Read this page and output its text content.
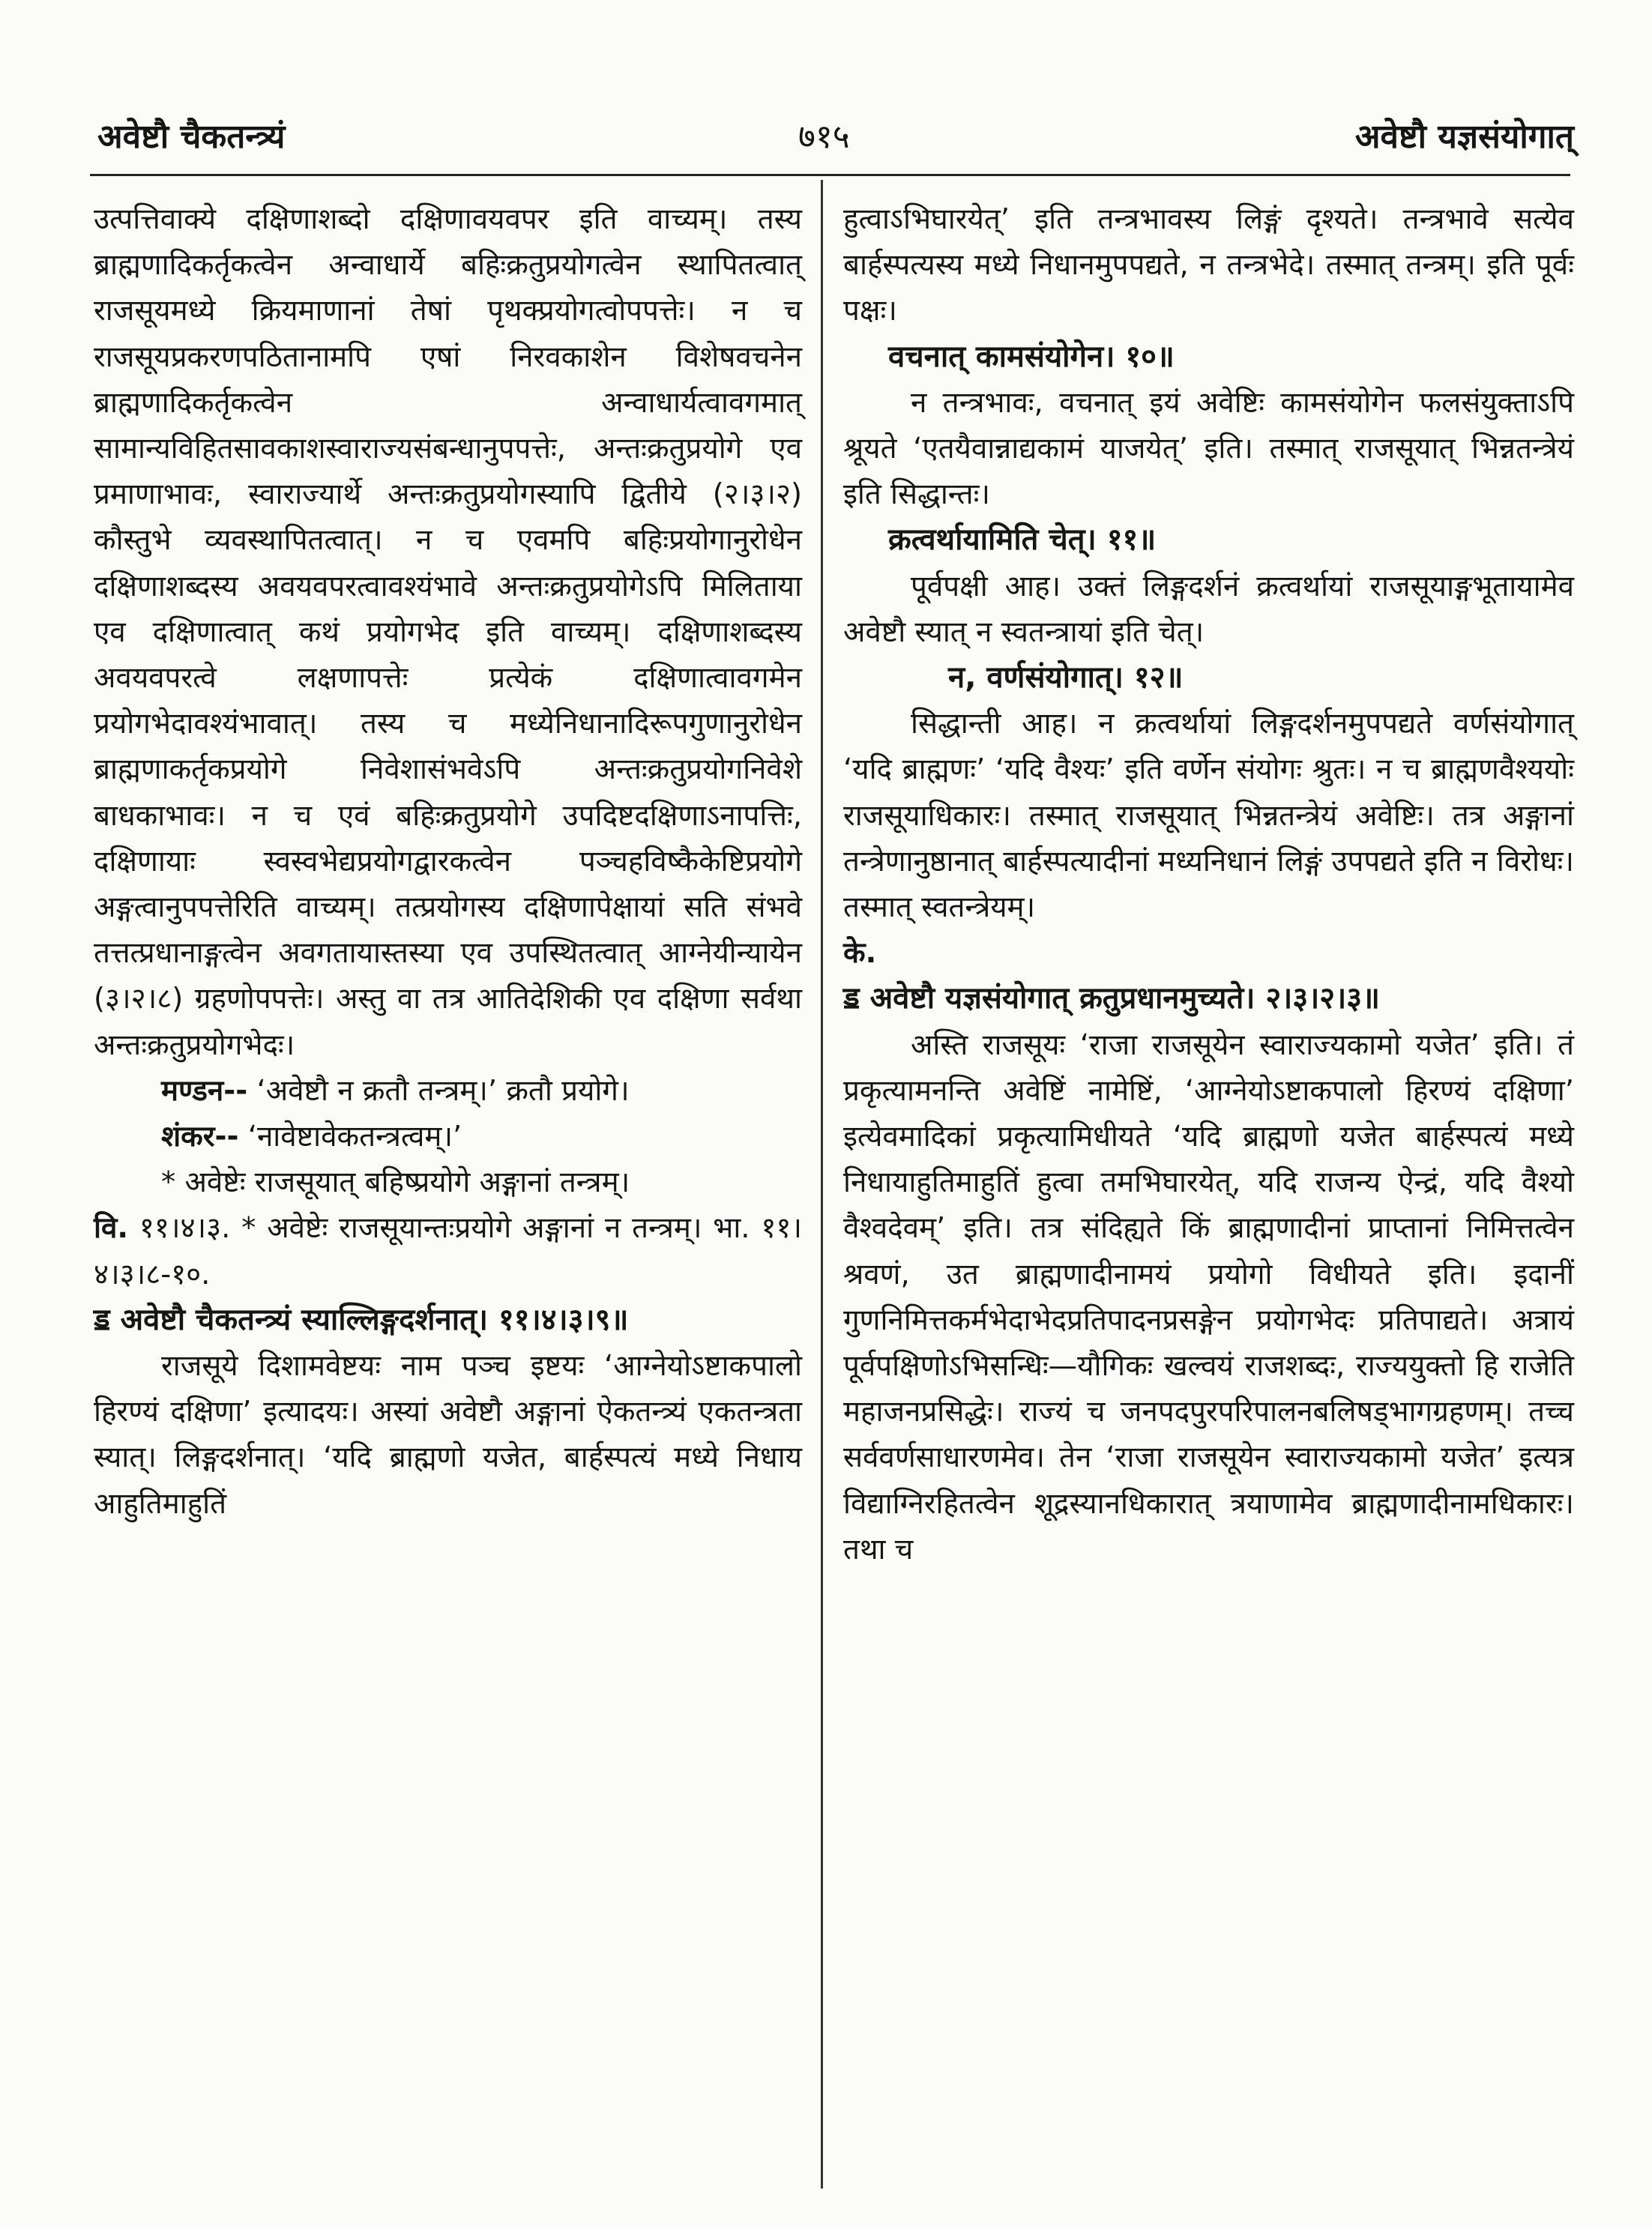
अवेष्टौ चैकतन्त्र्यं	७१५	अवेष्टौ यज्ञसंयोगात्

उत्पत्तिवाक्ये दक्षिणाशब्दो दक्षिणावयवपर इति वाच्यम्। तस्य ब्राह्मणादिकर्तृकत्वेन अन्वाधार्ये बहिःक्रतुप्रयोगत्वेन स्थापितत्वात् राजसूयमध्ये क्रियमाणानां तेषां पृथक्प्रयोगत्वोपपत्तेः। न च राजसूयप्रकरणपठितानामपि एषां निरवकाशेन विशेषवचनेन ब्राह्मणादिकर्तृकत्वेन अन्वाधार्यत्वावगमात् सामान्यविहितसावकाशस्वाराज्यसंबन्धानुपपत्तेः, अन्तःक्रतुप्रयोगे एव प्रमाणाभावः, स्वाराज्यार्थे अन्तःक्रतुप्रयोगस्यापि द्वितीये (२।३।२) कौस्तुभे व्यवस्थापितत्वात्। न च एवमपि बहिःप्रयोगानुरोधेन दक्षिणाशब्दस्य अवयवपरत्वावश्यंभावे अन्तःक्रतुप्रयोगेऽपि मिलिताया एव दक्षिणात्वात् कथं प्रयोगभेद इति वाच्यम्। दक्षिणाशब्दस्य अवयवपरत्वे लक्षणापत्तेः प्रत्येकं दक्षिणात्वावगमेन प्रयोगभेदावश्यंभावात्। तस्य च मध्येनिधानादिरूपगुणानुरोधेन ब्राह्मणाकर्तृकप्रयोगे निवेशासंभवेऽपि अन्तःक्रतुप्रयोगनिवेशे बाधकाभावः। न च एवं बहिःक्रतुप्रयोगे उपदिष्टदक्षिणाऽनापत्तिः, दक्षिणायाः स्वस्वभेद्यप्रयोगद्वारकत्वेन पञ्चहविष्कैकेष्टिप्रयोगे अङ्गत्वानुपपत्तेरिति वाच्यम्। तत्प्रयोगस्य दक्षिणापेक्षायां सति संभवे तत्तत्प्रधानाङ्गत्वेन अवगतायास्तस्या एव उपस्थितत्वात् आग्नेयीन्यायेन (३।२।८) ग्रहणोपपत्तेः। अस्तु वा तत्र आतिदेशिकी एव दक्षिणा सर्वथा अन्तःक्रतुप्रयोगभेदः।

मण्डन-- ‘अवेष्टौ न क्रतौ तन्त्रम्।’ क्रतौ प्रयोगे।

शंकर-- ‘नावेष्टावेकतन्त्रत्वम्।’

* अवेष्टेः राजसूयात् बहिष्प्रयोगे अङ्गानां तन्त्रम्।

वि. ११।४।३. * अवेष्टेः राजसूयान्तःप्रयोगे अङ्गानां न तन्त्रम्। भा. ११।४।३।८-१०.

ॾ अवेष्टौ चैकतन्त्र्यं स्याल्लिङ्गदर्शनात्। ११।४।३।९॥

राजसूये दिशामवेष्टयः नाम पञ्च इष्टयः ‘आग्नेयोऽष्टाकपालो हिरण्यं दक्षिणा’ इत्यादयः। अस्यां अवेष्टौ अङ्गानां ऐकतन्त्र्यं एकतन्त्रता स्यात्। लिङ्गदर्शनात्। ‘यदि ब्राह्मणो यजेत, बार्हस्पत्यं मध्ये निधाय आहुतिमाहुतिं

हुत्वाऽभिघारयेत्’ इति तन्त्रभावस्य लिङ्गं दृश्यते। तन्त्रभावे सत्येव बार्हस्पत्यस्य मध्ये निधानमुपपद्यते, न तन्त्रभेदे। तस्मात् तन्त्रम्। इति पूर्वः पक्षः।

वचनात् कामसंयोगेन। १०॥

न तन्त्रभावः, वचनात् इयं अवेष्टिः कामसंयोगेन फलसंयुक्ताऽपि श्रूयते ‘एतयैवान्नाद्यकामं याजयेत्’ इति। तस्मात् राजसूयात् भिन्नतन्त्रेयं इति सिद्धान्तः।

क्रत्वर्थायामिति चेत्। ११॥

पूर्वपक्षी आह। उक्तं लिङ्गदर्शनं क्रत्वर्थायां राजसूयाङ्गभूतायामेव अवेष्टौ स्यात् न स्वतन्त्रायां इति चेत्।

न, वर्णसंयोगात्। १२॥

सिद्धान्ती आह। न क्रत्वर्थायां लिङ्गदर्शनमुपपद्यते वर्णसंयोगात् ‘यदि ब्राह्मणः’ ‘यदि वैश्यः’ इति वर्णेन संयोगः श्रुतः। न च ब्राह्मणवैश्ययोः राजसूयाधिकारः। तस्मात् राजसूयात् भिन्नतन्त्रेयं अवेष्टिः। तत्र अङ्गानां तन्त्रेणानुष्ठानात् बार्हस्पत्यादीनां मध्यनिधानं लिङ्गं उपपद्यते इति न विरोधः। तस्मात् स्वतन्त्रेयम्।

के.

ॾ अवेष्टौ यज्ञसंयोगात् क्रतुप्रधानमुच्यते। २।३।२।३॥

अस्ति राजसूयः ‘राजा राजसूयेन स्वाराज्यकामो यजेत’ इति। तं प्रकृत्यामनन्ति अवेष्टिं नामेष्टिं, ‘आग्नेयोऽष्टाकपालो हिरण्यं दक्षिणा’ इत्येवमादिकां प्रकृत्यामिधीयते ‘यदि ब्राह्मणो यजेत बार्हस्पत्यं मध्ये निधायाहुतिमाहुतिं हुत्वा तमभिघारयेत्, यदि राजन्य ऐन्द्रं, यदि वैश्यो वैश्वदेवम्’ इति। तत्र संदिह्यते किं ब्राह्मणादीनां प्राप्तानां निमित्तत्वेन श्रवणं, उत ब्राह्मणादीनामयं प्रयोगो विधीयते इति। इदानीं गुणनिमित्तकर्मभेदाभेदप्रतिपादनप्रसङ्गेन प्रयोगभेदः प्रतिपाद्यते। अत्रायं पूर्वपक्षिणोऽभिसन्धिः—यौगिकः खल्वयं राजशब्दः, राज्ययुक्तो हि राजेति महाजनप्रसिद्धेः। राज्यं च जनपदपुरपरिपालनबलिषड्भागग्रहणम्। तच्च सर्ववर्णसाधारणमेव। तेन ‘राजा राजसूयेन स्वाराज्यकामो यजेत’ इत्यत्र विद्याग्निरहितत्वेन शूद्रस्यानधिकारात् त्रयाणामेव ब्राह्मणादीनामधिकारः। तथा च
